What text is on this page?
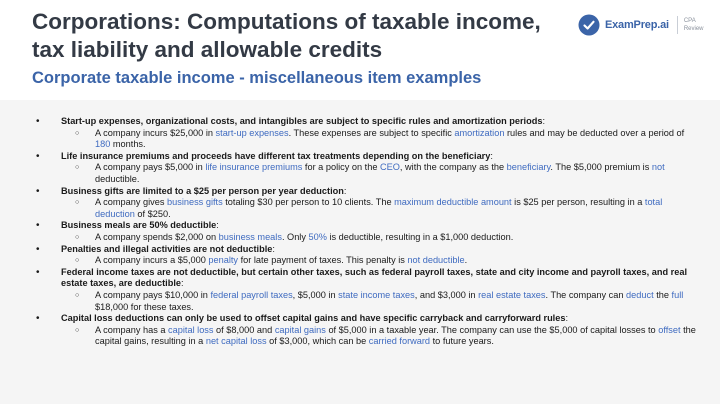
Corporations: Computations of taxable income, tax liability and allowable credits
Corporate taxable income - miscellaneous item examples
ExamPrep.ai	CPA
Review
• Start-up expenses, organizational costs, and intangibles are subject to specific rules and amortization periods:
○ A company incurs $25,000 in start-up expenses. These expenses are subject to specific amortization rules and may be deducted over a period of 180 months.
• Life insurance premiums and proceeds have different tax treatments depending on the beneficiary:
○ A company pays $5,000 in life insurance premiums for a policy on the CEO, with the company as the beneficiary. The $5,000 premium is not deductible.
• Business gifts are limited to a $25 per person per year deduction:
○ A company gives business gifts totaling $30 per person to 10 clients. The maximum deductible amount is $25 per person, resulting in a total deduction of $250.
• Business meals are 50% deductible:
○ A company spends $2,000 on business meals. Only 50% is deductible, resulting in a $1,000 deduction.
• Penalties and illegal activities are not deductible:
○ A company incurs a $5,000 penalty for late payment of taxes. This penalty is not deductible.
• Federal income taxes are not deductible, but certain other taxes, such as federal payroll taxes, state and city income and payroll taxes, and real estate taxes, are deductible:
○ A company pays $10,000 in federal payroll taxes, $5,000 in state income taxes, and $3,000 in real estate taxes. The company can deduct the full $18,000 for these taxes.
• Capital loss deductions can only be used to offset capital gains and have specific carryback and carryforward rules:
○ A company has a capital loss of $8,000 and capital gains of $5,000 in a taxable year. The company can use the $5,000 of capital losses to offset the capital gains, resulting in a net capital loss of $3,000, which can be carried forward to future years.
